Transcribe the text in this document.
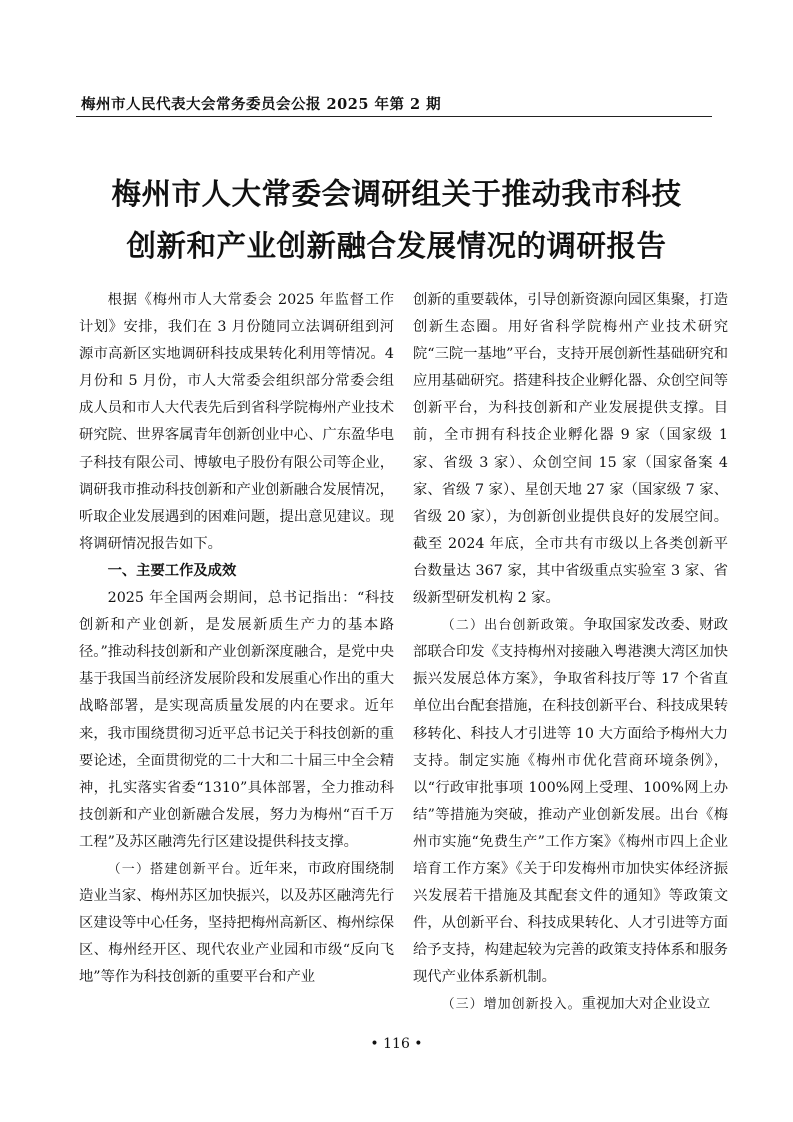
梅州市人民代表大会常务委员会公报 2025 年第 2 期
梅州市人大常委会调研组关于推动我市科技
创新和产业创新融合发展情况的调研报告

根据《梅州市人大常委会 2025 年监督工作计划》安排，我们在 3 月份随同立法调研组到河源市高新区实地调研科技成果转化利用等情况。4 月份和 5 月份，市人大常委会组织部分常委会组成人员和市人大代表先后到省科学院梅州产业技术研究院、世界客属青年创新创业中心、广东盈华电子科技有限公司、博敏电子股份有限公司等企业，调研我市推动科技创新和产业创新融合发展情况，听取企业发展遇到的困难问题，提出意见建议。现将调研情况报告如下。

一、主要工作及成效

2025 年全国两会期间，总书记指出：“科技创新和产业创新，是发展新质生产力的基本路径。”推动科技创新和产业创新深度融合，是党中央基于我国当前经济发展阶段和发展重心作出的重大战略部署，是实现高质量发展的内在要求。近年来，我市围绕贯彻习近平总书记关于科技创新的重要论述，全面贯彻党的二十大和二十届三中全会精神，扎实落实省委“1310”具体部署，全力推动科技创新和产业创新融合发展，努力为梅州“百千万工程”及苏区融湾先行区建设提供科技支撑。

（一）搭建创新平台。近年来，市政府围绕制造业当家、梅州苏区加快振兴，以及苏区融湾先行区建设等中心任务，坚持把梅州高新区、梅州综保区、梅州经开区、现代农业产业园和市级“反向飞地”等作为科技创新的重要平台和产业

创新的重要载体，引导创新资源向园区集聚，打造创新生态圈。用好省科学院梅州产业技术研究院“三院一基地”平台，支持开展创新性基础研究和应用基础研究。搭建科技企业孵化器、众创空间等创新平台，为科技创新和产业发展提供支撑。目前，全市拥有科技企业孵化器 9 家（国家级 1 家、省级 3 家）、众创空间 15 家（国家备案 4 家、省级 7 家）、星创天地 27 家（国家级 7 家、省级 20 家），为创新创业提供良好的发展空间。截至 2024 年底，全市共有市级以上各类创新平台数量达 367 家，其中省级重点实验室 3 家、省级新型研发机构 2 家。

（二）出台创新政策。争取国家发改委、财政部联合印发《支持梅州对接融入粤港澳大湾区加快振兴发展总体方案》，争取省科技厅等 17 个省直单位出台配套措施，在科技创新平台、科技成果转移转化、科技人才引进等 10 大方面给予梅州大力支持。制定实施《梅州市优化营商环境条例》，以“行政审批事项 100%网上受理、100%网上办结”等措施为突破，推动产业创新发展。出台《梅州市实施“免费生产”工作方案》《梅州市四上企业培育工作方案》《关于印发梅州市加快实体经济振兴发展若干措施及其配套文件的通知》等政策文件，从创新平台、科技成果转化、人才引进等方面给予支持，构建起较为完善的政策支持体系和服务现代产业体系新机制。

（三）增加创新投入。重视加大对企业设立

• 116 •
